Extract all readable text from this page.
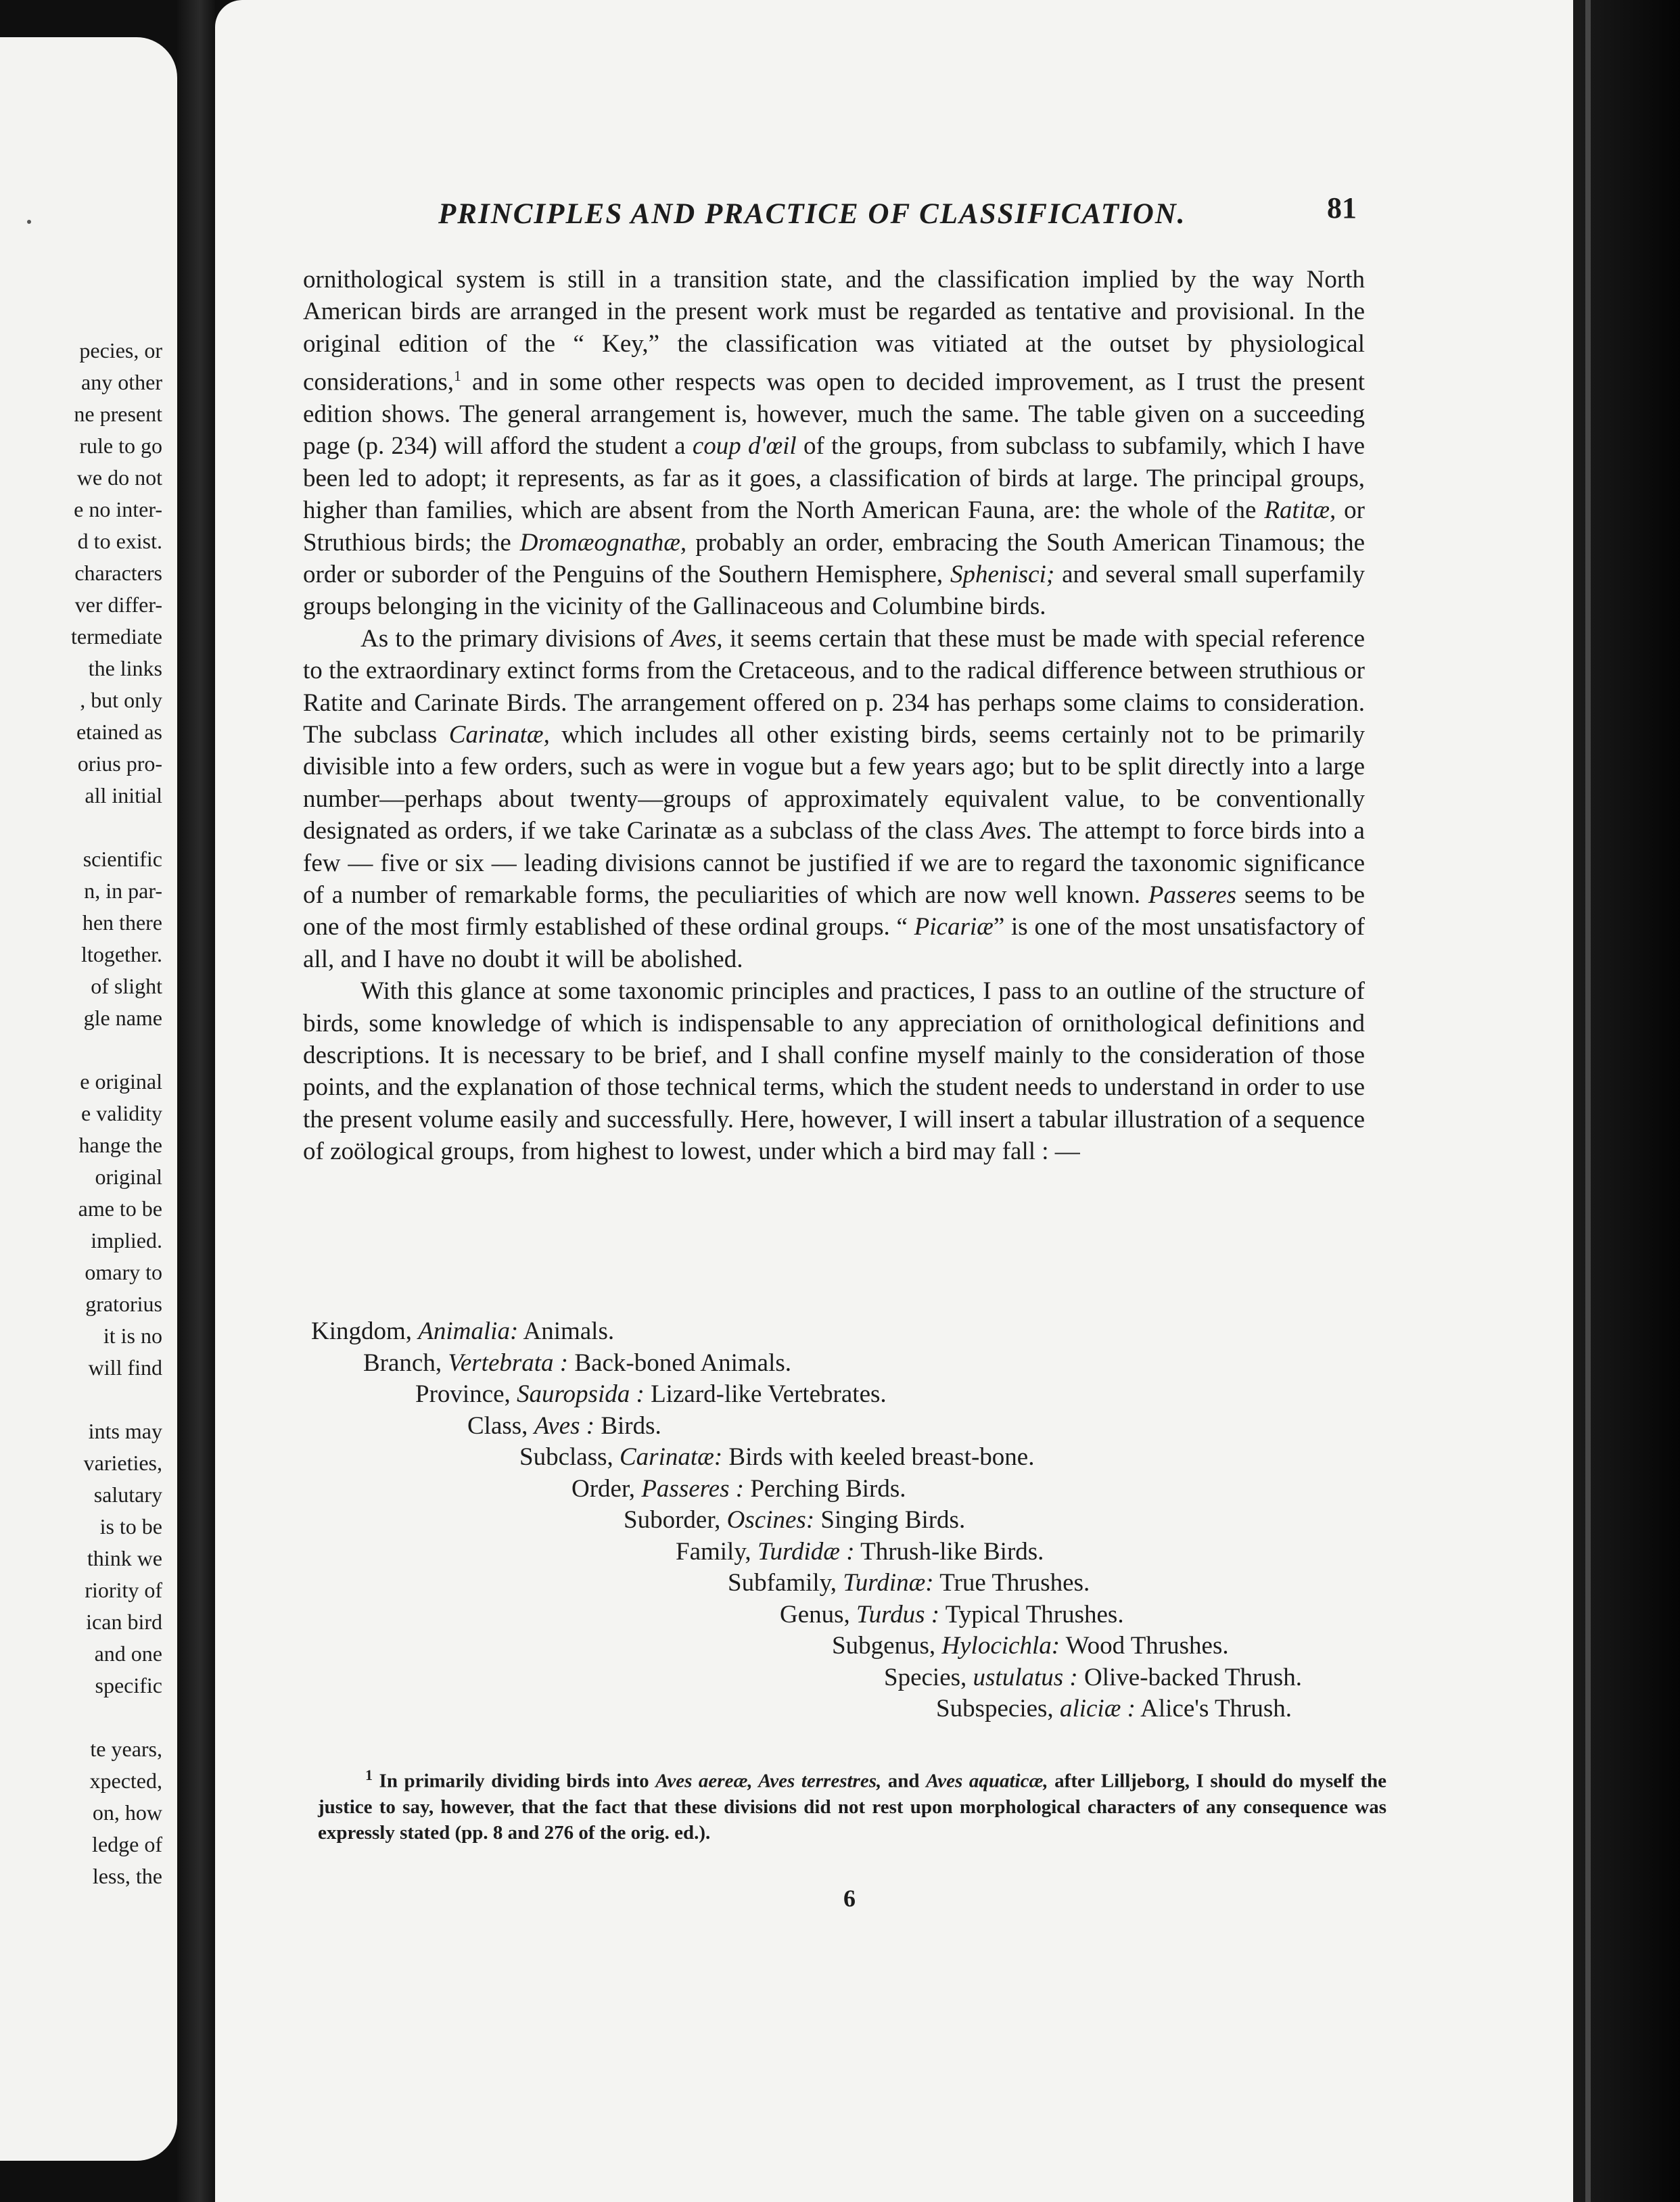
pecies, or
any other
ne present
rule to go
we do not
e no inter-
d to exist.
characters
ver differ-
termediate
the links
, but only
etained as
orius pro-
all initial

scientific
n, in par-
hen there
ltogether.
of slight
gle name

e original
e validity
hange the
original
ame to be
implied.
omary to
gratorius
it is no
will find

ints may
varieties,
salutary
is to be
think we
riority of
ican bird
and one
specific

te years,
xpected,
on, how
ledge of
less, the
PRINCIPLES AND PRACTICE OF CLASSIFICATION.	81

ornithological system is still in a transition state, and the classification implied by the way North American birds are arranged in the present work must be regarded as tentative and provisional. In the original edition of the “ Key,” the classification was vitiated at the outset by physiological considerations,$^1$ and in some other respects was open to decided improvement, as I trust the present edition shows. The general arrangement is, however, much the same. The table given on a succeeding page (p. 234) will afford the student a coup d'œil of the groups, from subclass to subfamily, which I have been led to adopt; it represents, as far as it goes, a classification of birds at large. The principal groups, higher than families, which are absent from the North American Fauna, are: the whole of the Ratitæ, or Struthious birds; the Dromæognathæ, probably an order, embracing the South American Tinamous; the order or suborder of the Penguins of the Southern Hemisphere, Sphenisci; and several small superfamily groups belonging in the vicinity of the Gallinaceous and Columbine birds.

As to the primary divisions of Aves, it seems certain that these must be made with special reference to the extraordinary extinct forms from the Cretaceous, and to the radical difference between struthious or Ratite and Carinate Birds. The arrangement offered on p. 234 has perhaps some claims to consideration. The subclass Carinatæ, which includes all other existing birds, seems certainly not to be primarily divisible into a few orders, such as were in vogue but a few years ago; but to be split directly into a large number—perhaps about twenty—groups of approximately equivalent value, to be conventionally designated as orders, if we take Carinatæ as a subclass of the class Aves. The attempt to force birds into a few — five or six — leading divisions cannot be justified if we are to regard the taxonomic significance of a number of remarkable forms, the peculiarities of which are now well known. Passeres seems to be one of the most firmly established of these ordinal groups. “ Picariæ” is one of the most unsatisfactory of all, and I have no doubt it will be abolished.

With this glance at some taxonomic principles and practices, I pass to an outline of the structure of birds, some knowledge of which is indispensable to any appreciation of ornithological definitions and descriptions. It is necessary to be brief, and I shall confine myself mainly to the consideration of those points, and the explanation of those technical terms, which the student needs to understand in order to use the present volume easily and successfully. Here, however, I will insert a tabular illustration of a sequence of zoölogical groups, from highest to lowest, under which a bird may fall : —

Kingdom, Animalia: Animals.
Branch, Vertebrata : Back-boned Animals.
Province, Sauropsida : Lizard-like Vertebrates.
Class, Aves : Birds.
Subclass, Carinatæ: Birds with keeled breast-bone.
Order, Passeres : Perching Birds.
Suborder, Oscines: Singing Birds.
Family, Turdidæ : Thrush-like Birds.
Subfamily, Turdinæ: True Thrushes.
Genus, Turdus : Typical Thrushes.
Subgenus, Hylocichla: Wood Thrushes.
Species, ustulatus : Olive-backed Thrush.
Subspecies, aliciæ : Alice's Thrush.

$^1$ In primarily dividing birds into Aves aereæ, Aves terrestres, and Aves aquaticæ, after Lilljeborg, I should do myself the justice to say, however, that the fact that these divisions did not rest upon morphological characters of any consequence was expressly stated (pp. 8 and 276 of the orig. ed.).

6
